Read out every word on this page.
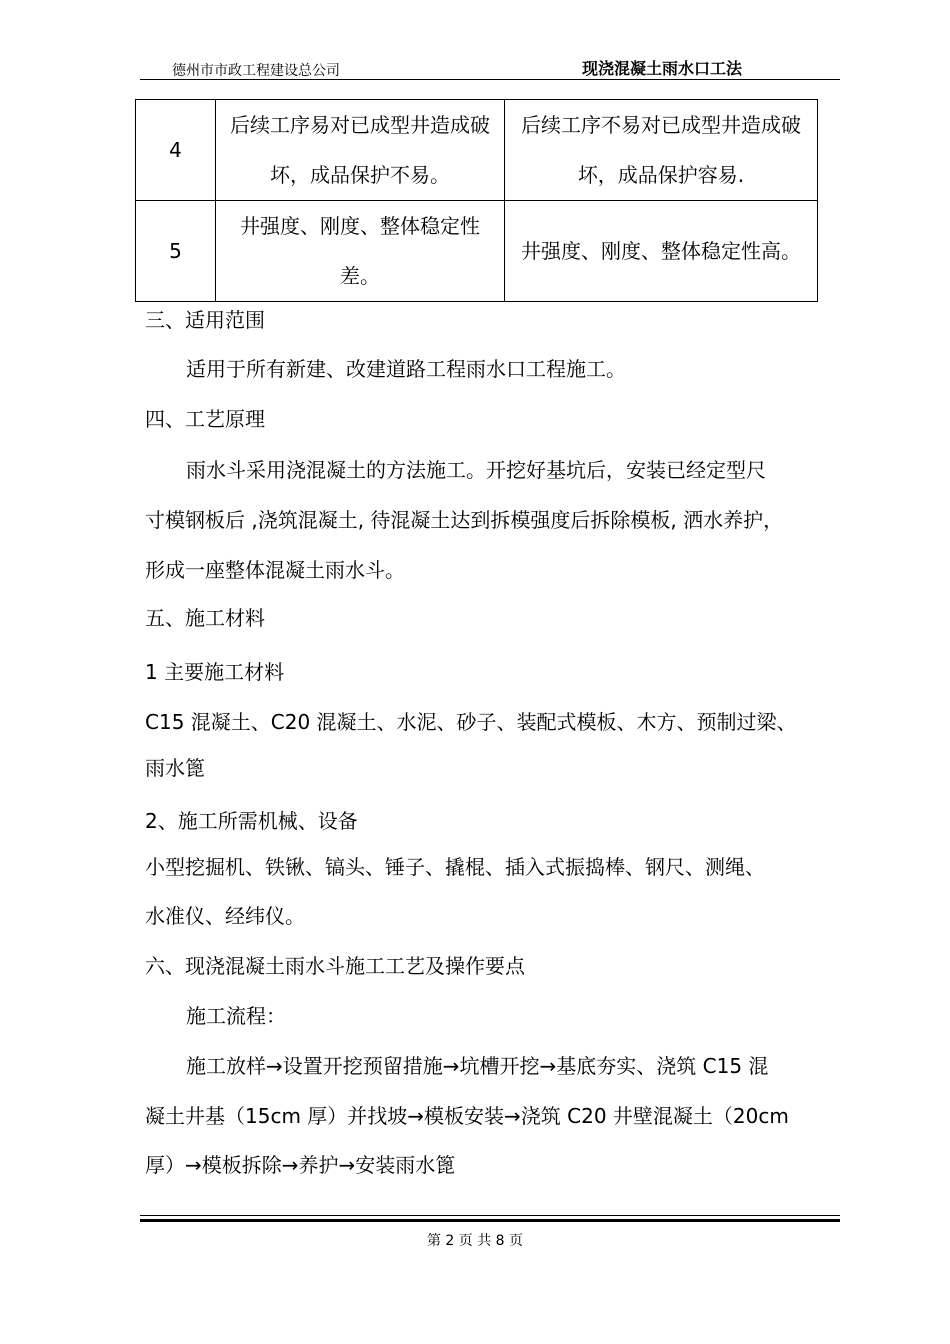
德州市市政工程建设总公司	现浇混凝土雨水口工法
4	后续工序易对已成型井造成破坏，成品保护不易。	后续工序不易对已成型井造成破坏，成品保护容易.
5	井强度、刚度、整体稳定性差。	井强度、刚度、整体稳定性高。
三、适用范围
适用于所有新建、改建道路工程雨水口工程施工。
四、工艺原理
雨水斗采用浇混凝土的方法施工。开挖好基坑后，安装已经定型尺
寸模钢板后 ,浇筑混凝土, 待混凝土达到拆模强度后拆除模板, 洒水养护，
形成一座整体混凝土雨水斗。
五、施工材料
1 主要施工材料
C15 混凝土、C20 混凝土、水泥、砂子、装配式模板、木方、预制过梁、
雨水篦
2、施工所需机械、设备
小型挖掘机、铁锹、镐头、锤子、撬棍、插入式振捣棒、钢尺、测绳、
水准仪、经纬仪。
六、现浇混凝土雨水斗施工工艺及操作要点
施工流程：
施工放样→设置开挖预留措施→坑槽开挖→基底夯实、浇筑 C15 混
凝土井基（15cm 厚）并找坡→模板安装→浇筑 C20 井壁混凝土（20cm
厚）→模板拆除→养护→安装雨水篦
第 2 页 共 8 页
